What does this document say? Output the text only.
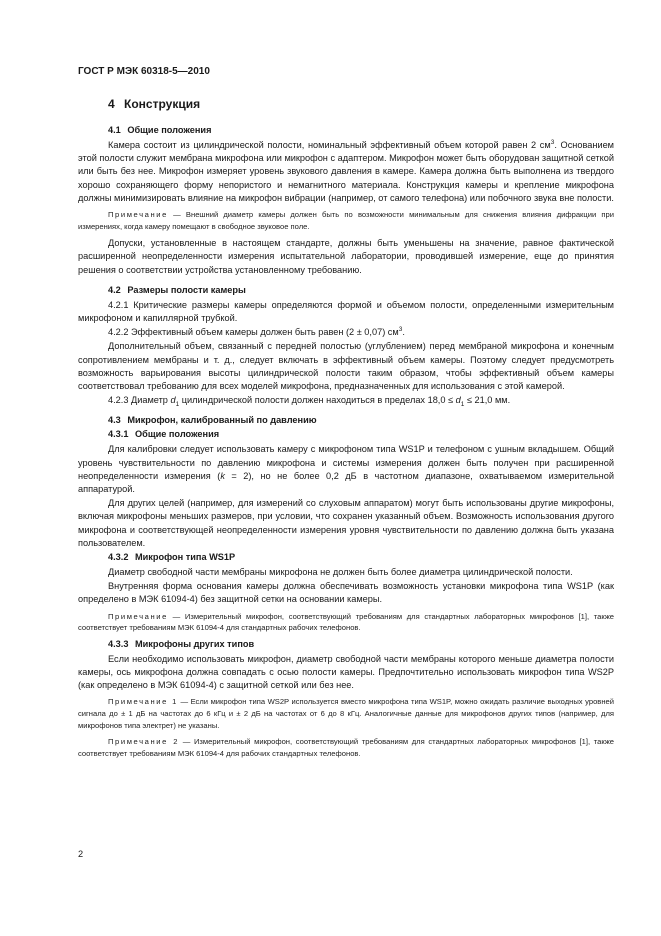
ГОСТ Р МЭК 60318-5—2010
4 Конструкция
4.1 Общие положения

Камера состоит из цилиндрической полости, номинальный эффективный объем которой равен 2 $см^3$. Основанием этой полости служит мембрана микрофона или микрофон с адаптером. Микрофон может быть оборудован защитной сеткой или быть без нее. Микрофон измеряет уровень звукового давления в камере. Камера должна быть выполнена из твердого хорошо сохраняющего форму непористого и немагнитного материала. Конструкция камеры и крепление микрофона должны минимизировать влияние на микрофон вибрации (например, от самого телефона) или побочного звука вне полости.

Примечание — Внешний диаметр камеры должен быть по возможности минимальным для снижения влияния дифракции при измерениях, когда камеру помещают в свободное звуковое поле.

Допуски, установленные в настоящем стандарте, должны быть уменьшены на значение, равное фактической расширенной неопределенности измерения испытательной лаборатории, проводившей измерение, еще до принятия решения о соответствии устройства установленному требованию.

4.2 Размеры полости камеры

4.2.1 Критические размеры камеры определяются формой и объемом полости, определенными измерительным микрофоном и капиллярной трубкой.

4.2.2 Эффективный объем камеры должен быть равен (2 ± 0,07) $см^3$.

Дополнительный объем, связанный с передней полостью (углублением) перед мембраной микрофона и конечным сопротивлением мембраны и т. д., следует включать в эффективный объем камеры. Поэтому следует предусмотреть возможность варьирования высоты цилиндрической полости таким образом, чтобы эффективный объем камеры соответствовал требованию для всех моделей микрофона, предназначенных для использования с этой камерой.

4.2.3 Диаметр $d_1$ цилиндрической полости должен находиться в пределах $18,0 \le d_1 \le 21,0$ мм.

4.3 Микрофон, калиброванный по давлению
4.3.1 Общие положения

Для калибровки следует использовать камеру с микрофоном типа WS1P и телефоном с ушным вкладышем. Общий уровень чувствительности по давлению микрофона и системы измерения должен быть получен при расширенной неопределенности измерения (k = 2), но не более 0,2 дБ в частотном диапазоне, охватываемом измерительной аппаратурой.

Для других целей (например, для измерений со слуховым аппаратом) могут быть использованы другие микрофоны, включая микрофоны меньших размеров, при условии, что сохранен указанный объем. Возможность использования другого микрофона и соответствующей неопределенности измерения уровня чувствительности по давлению должна быть указана пользователем.

4.3.2 Микрофон типа WS1P

Диаметр свободной части мембраны микрофона не должен быть более диаметра цилиндрической полости.

Внутренняя форма основания камеры должна обеспечивать возможность установки микрофона типа WS1P (как определено в МЭК 61094-4) без защитной сетки на основании камеры.

Примечание — Измерительный микрофон, соответствующий требованиям для стандартных лабораторных микрофонов [1], также соответствует требованиям МЭК 61094-4 для стандартных рабочих телефонов.

4.3.3 Микрофоны других типов

Если необходимо использовать микрофон, диаметр свободной части мембраны которого меньше диаметра полости камеры, ось микрофона должна совпадать с осью полости камеры. Предпочтительно использовать микрофон типа WS2P (как определено в МЭК 61094-4) с защитной сеткой или без нее.

Примечание 1 — Если микрофон типа WS2P используется вместо микрофона типа WS1P, можно ожидать различие выходных уровней сигнала до ± 1 дБ на частотах до 6 кГц и ± 2 дБ на частотах от 6 до 8 кГц. Аналогичные данные для микрофонов других типов (например, для микрофонов типа электрет) не указаны.

Примечание 2 — Измерительный микрофон, соответствующий требованиям для стандартных лабораторных микрофонов [1], также соответствует требованиям МЭК 61094-4 для рабочих стандартных телефонов.

2
